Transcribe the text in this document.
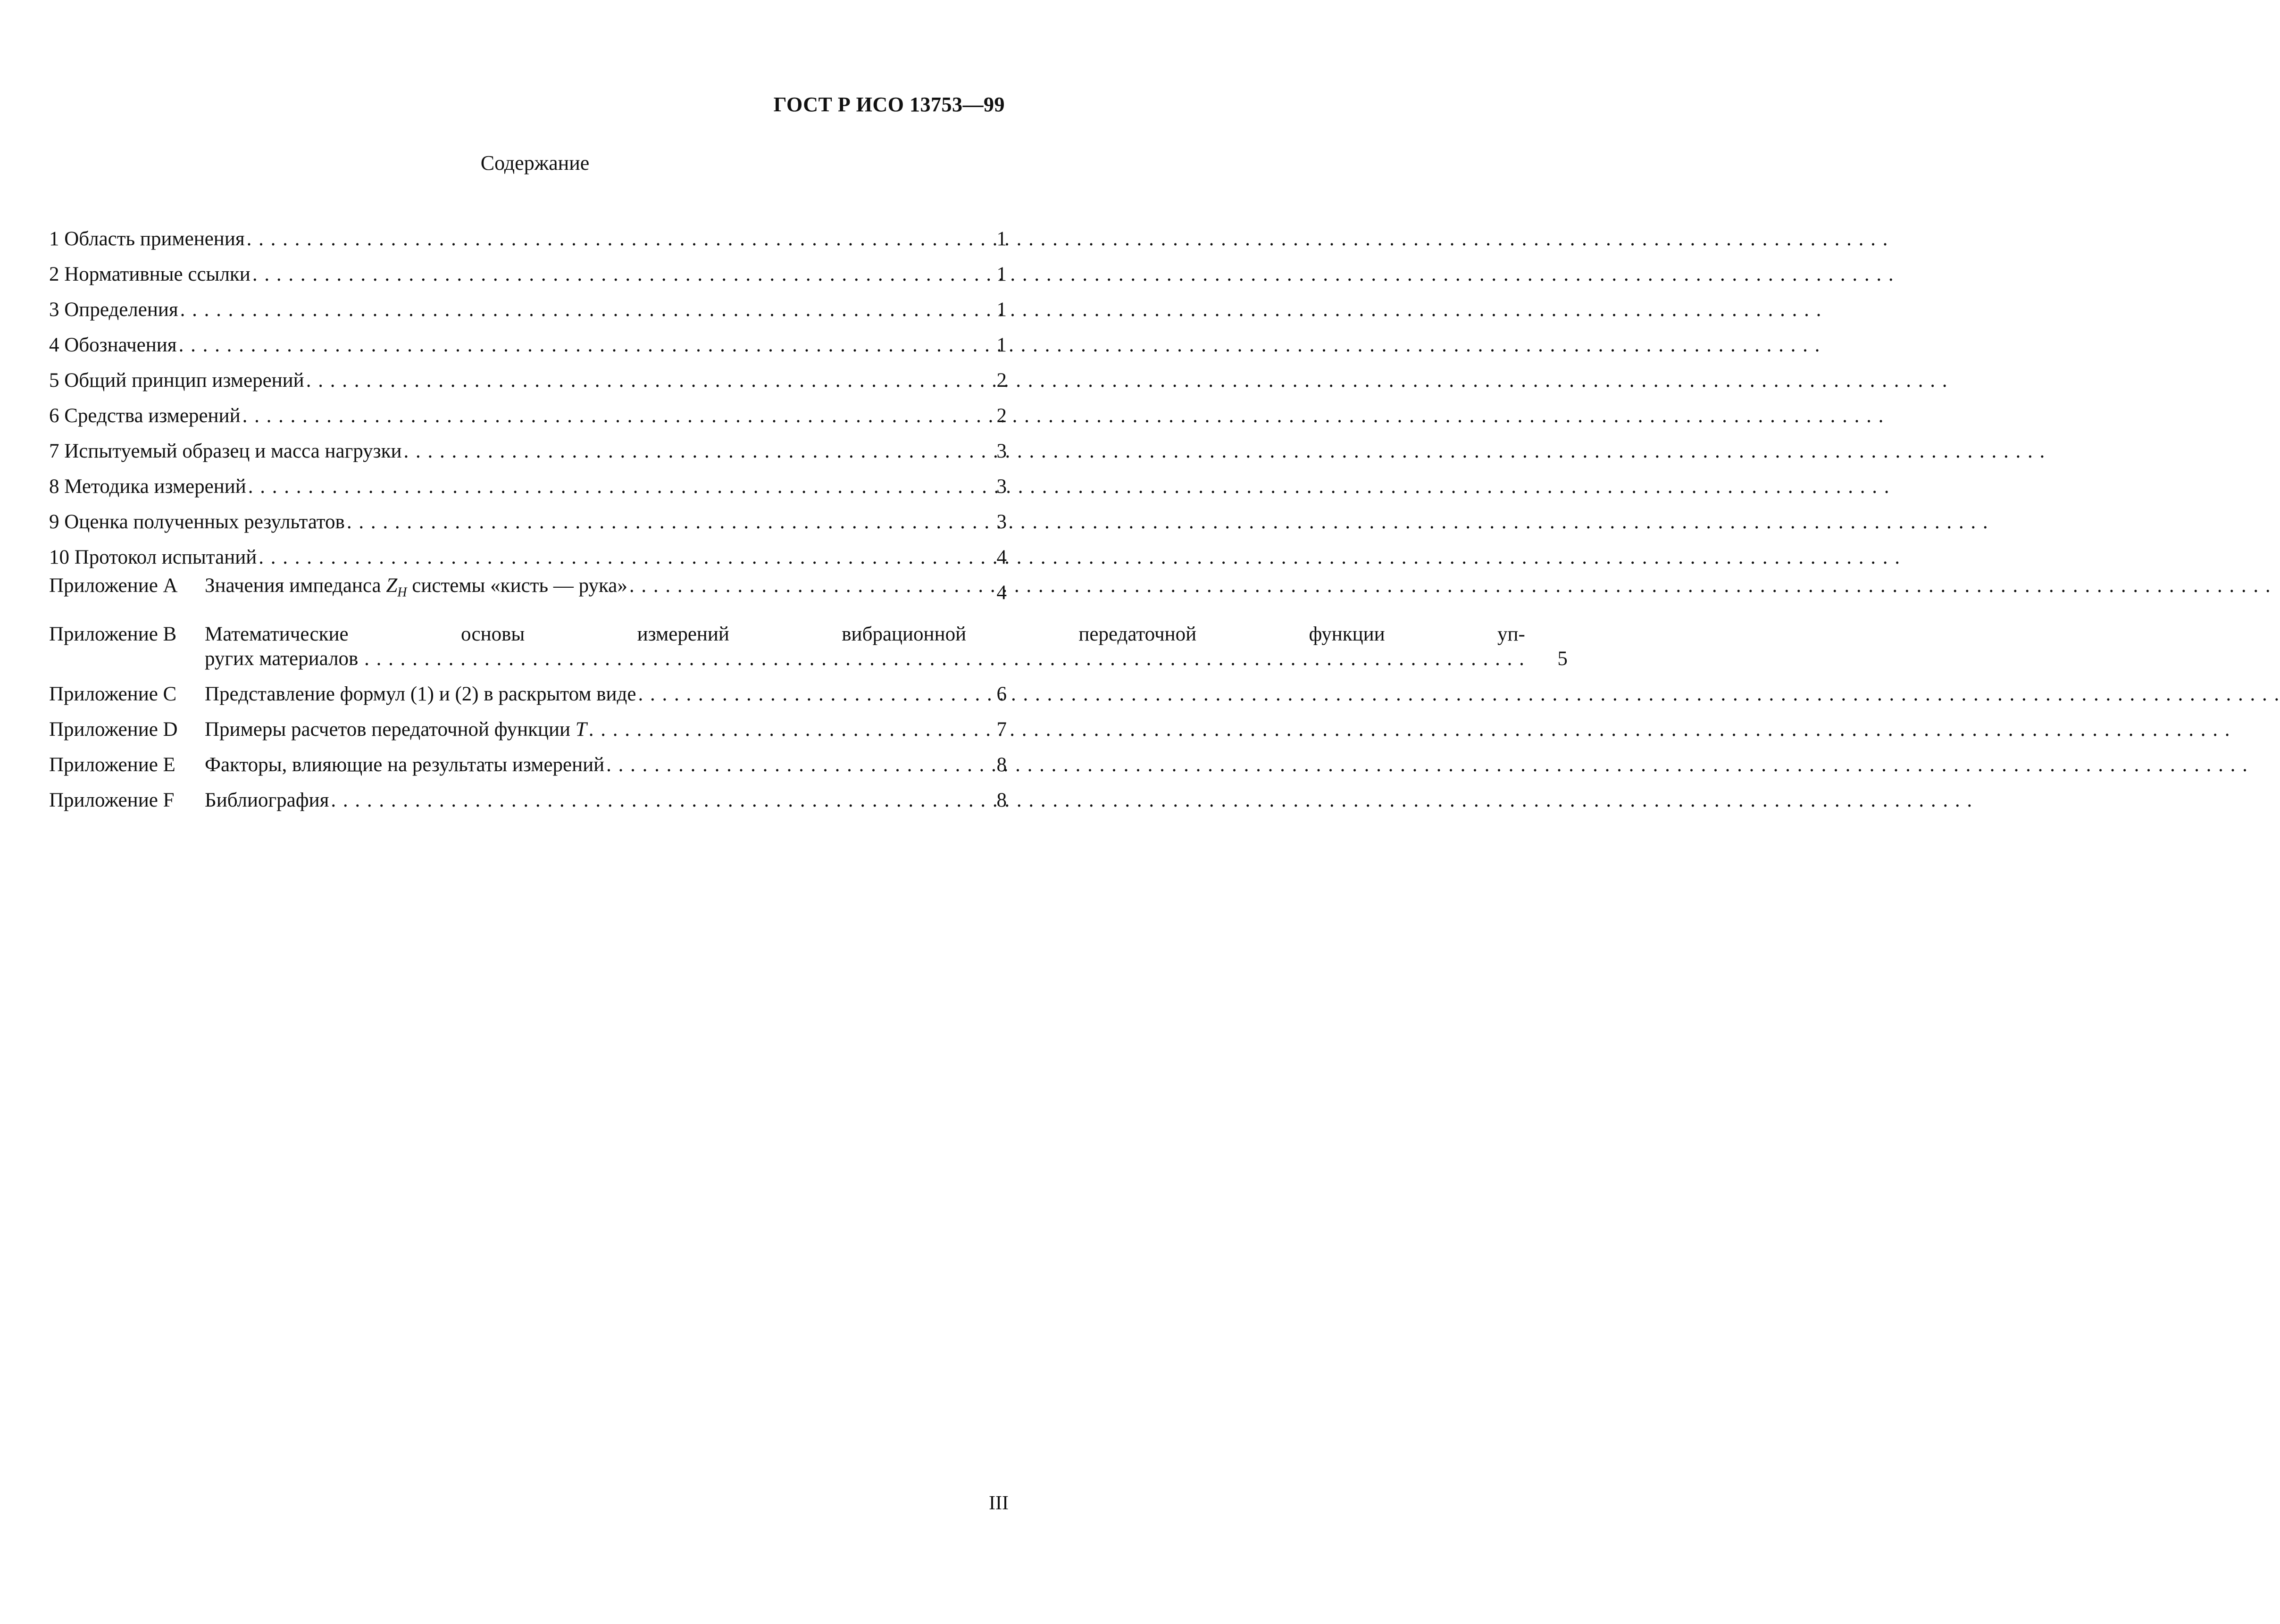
ГОСТ Р ИСО 13753—99
Содержание
1 Область применения . . .	1
2 Нормативные ссылки . . .	1
3 Определения . . .	1
4 Обозначения . . .	1
5 Общий принцип измерений . . .	2
6 Средства измерений . . .	2
7 Испытуемый образец и масса нагрузки . . .	3
8 Методика измерений . . .	3
9 Оценка полученных результатов . . .	3
10 Протокол испытаний . . .	4
Приложение A Значения импеданса $Z_H$ системы «кисть — рука» . . .	4
Приложение B	Математические основы измерений вибрационной передаточной функции уп-
ругих материалов . . .	5
Приложение C Представление формул (1) и (2) в раскрытом виде . . .	6
Приложение D Примеры расчетов передаточной функции T . . .	7
Приложение E Факторы, влияющие на результаты измерений . . .	8
Приложение F Библиография . . .	8
III
